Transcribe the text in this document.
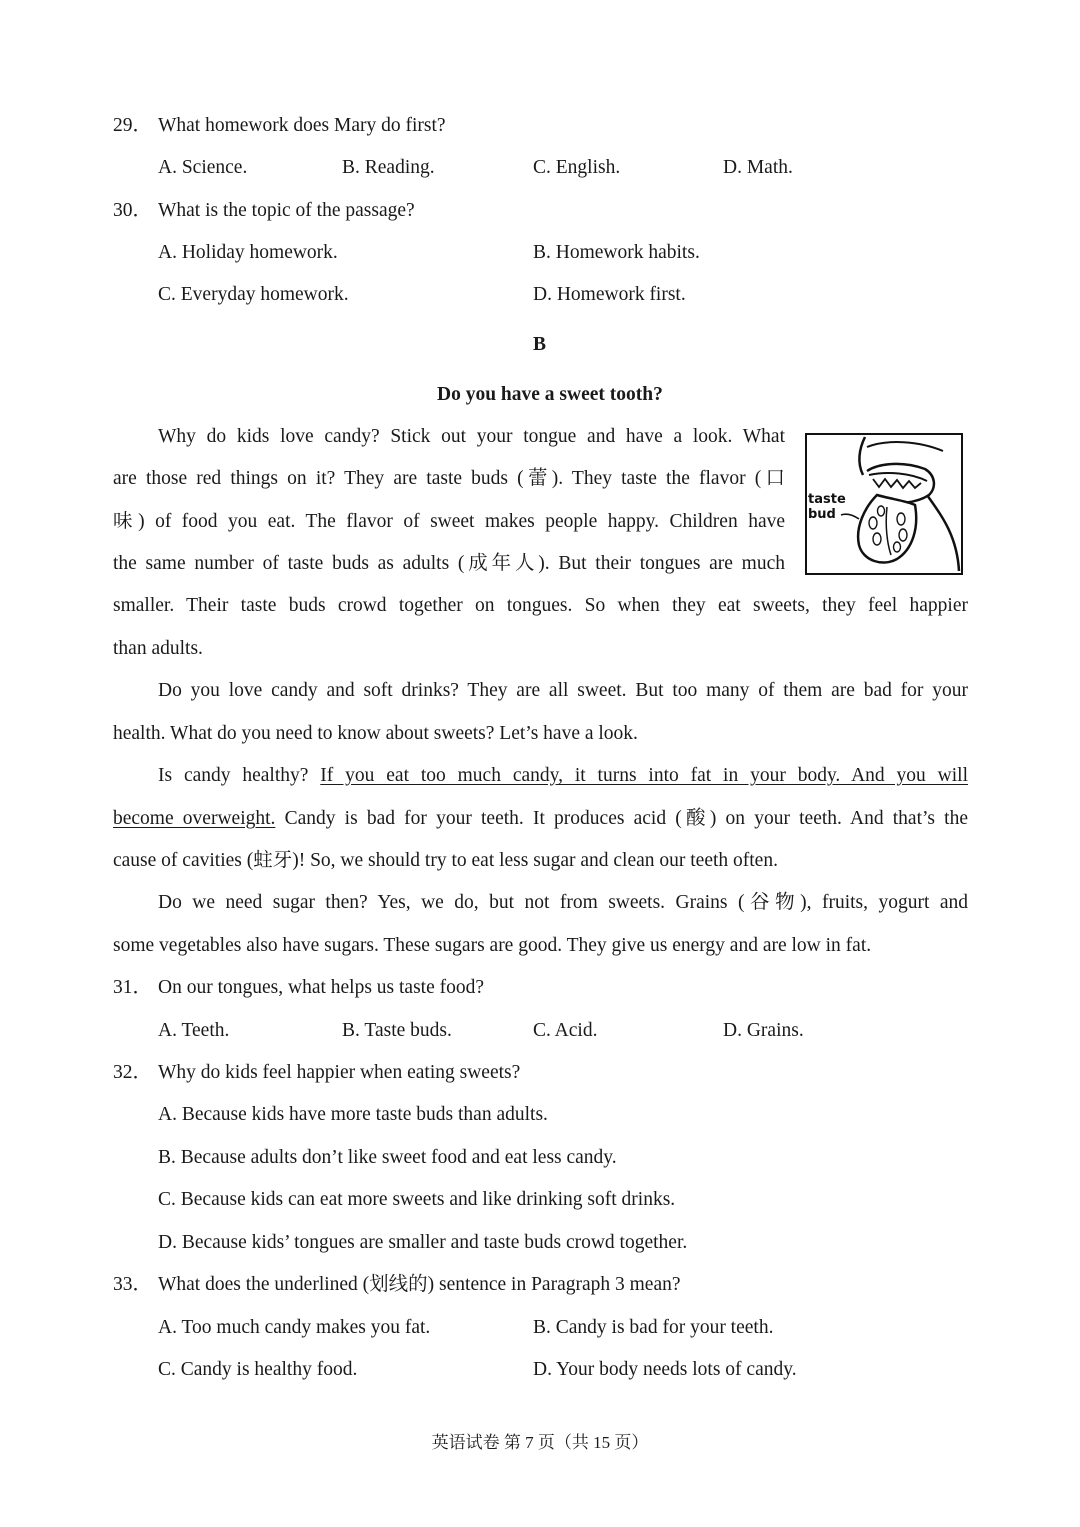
29． What homework does Mary do first?
A. Science.	B. Reading.	C. English.	D. Math.
30． What is the topic of the passage?
A. Holiday homework.	B. Homework habits.
C. Everyday homework.	D. Homework first.
B
Do you have a sweet tooth?
taste
bud
Why do kids love candy? Stick out your tongue and have a look. What
are those red things on it? They are taste buds (蕾). They taste the flavor (口
味) of food you eat. The flavor of sweet makes people happy. Children have
the same number of taste buds as adults (成年人). But their tongues are much
smaller. Their taste buds crowd together on tongues. So when they eat sweets, they feel happier
than adults.
Do you love candy and soft drinks? They are all sweet. But too many of them are bad for your
health. What do you need to know about sweets? Let’s have a look.
Is candy healthy? If you eat too much candy, it turns into fat in your body. And you will
become overweight. Candy is bad for your teeth. It produces acid (酸) on your teeth. And that’s the
cause of cavities (蛀牙)! So, we should try to eat less sugar and clean our teeth often.
Do we need sugar then? Yes, we do, but not from sweets. Grains (谷物), fruits, yogurt and
some vegetables also have sugars. These sugars are good. They give us energy and are low in fat.
31． On our tongues, what helps us taste food?
A. Teeth.	B. Taste buds.	C. Acid.	D. Grains.
32． Why do kids feel happier when eating sweets?
A. Because kids have more taste buds than adults.
B. Because adults don’t like sweet food and eat less candy.
C. Because kids can eat more sweets and like drinking soft drinks.
D. Because kids’ tongues are smaller and taste buds crowd together.
33． What does the underlined (划线的) sentence in Paragraph 3 mean?
A. Too much candy makes you fat.	B. Candy is bad for your teeth.
C. Candy is healthy food.	D. Your body needs lots of candy.
英语试卷 第 7 页（共 15 页）
